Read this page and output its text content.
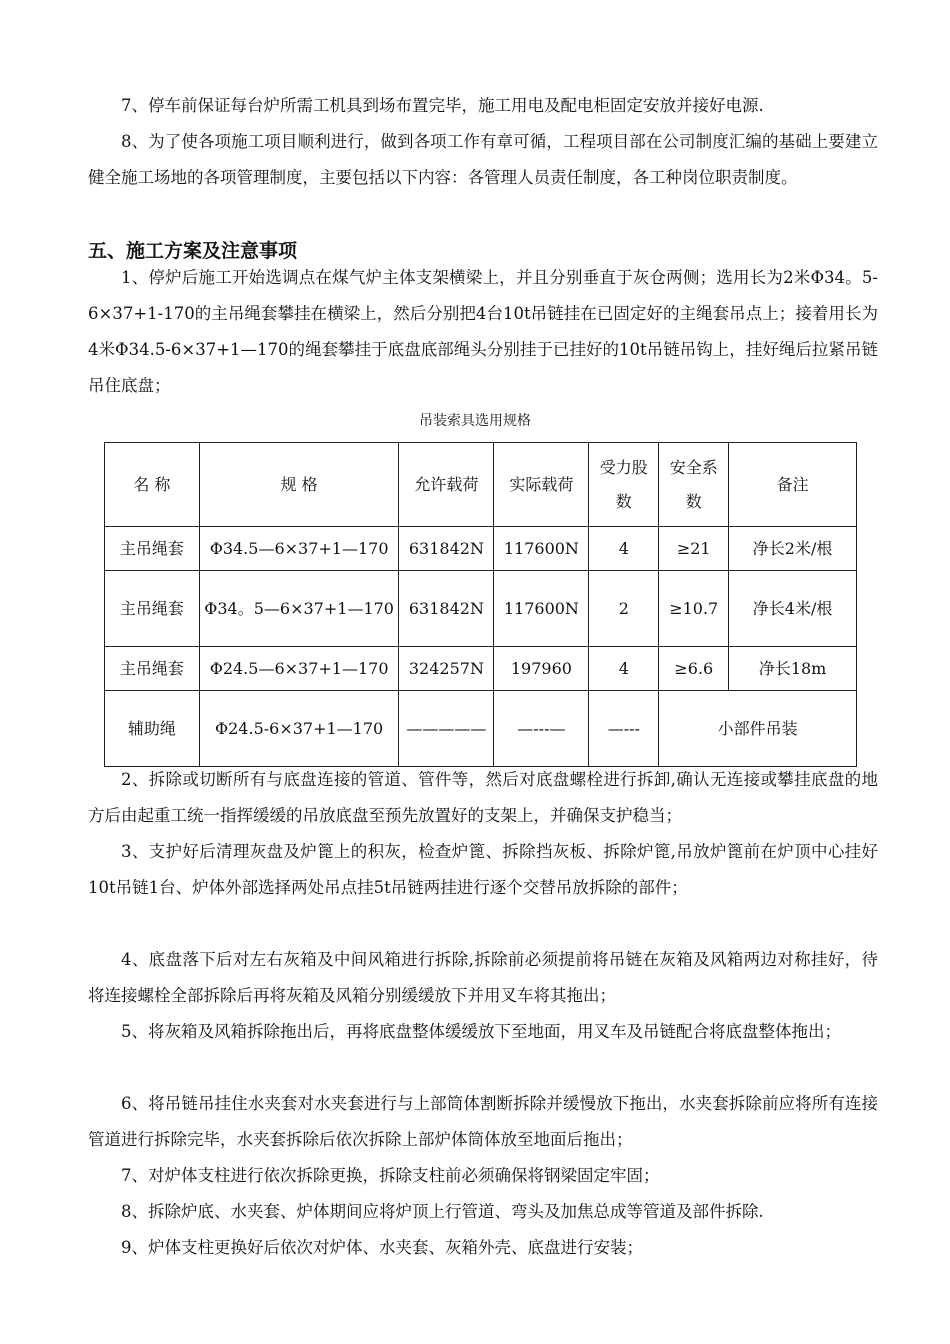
7、停车前保证每台炉所需工机具到场布置完毕，施工用电及配电柜固定安放并接好电源.

8、为了使各项施工项目顺利进行，做到各项工作有章可循，工程项目部在公司制度汇编的基础上要建立健全施工场地的各项管理制度，主要包括以下内容：各管理人员责任制度，各工种岗位职责制度。

五、施工方案及注意事项

1、停炉后施工开始选调点在煤气炉主体支架横梁上，并且分别垂直于灰仓两侧；选用长为2米Φ34。5-6×37+1-170的主吊绳套攀挂在横梁上，然后分别把4台10t吊链挂在已固定好的主绳套吊点上；接着用长为4米Φ34.5-6×37+1—170的绳套攀挂于底盘底部绳头分别挂于已挂好的10t吊链吊钩上，挂好绳后拉紧吊链吊住底盘；

吊装索具选用规格
名 称	规 格	允许载荷	实际载荷	受力股数	安全系数	备注
主吊绳套	Φ34.5—6×37+1—170	631842N	117600N	4	≥21	净长2米/根
主吊绳套	Φ34。5—6×37+1—170	631842N	117600N	2	≥10.7	净长4米/根
主吊绳套	Φ24.5—6×37+1—170	324257N	197960	4	≥6.6	净长18m
辅助绳	Φ24.5-6×37+1—170	—————	—---—	—---	小部件吊装	

2、拆除或切断所有与底盘连接的管道、管件等，然后对底盘螺栓进行拆卸,确认无连接或攀挂底盘的地方后由起重工统一指挥缓缓的吊放底盘至预先放置好的支架上，并确保支护稳当；

3、支护好后清理灰盘及炉篦上的积灰，检查炉篦、拆除挡灰板、拆除炉篦,吊放炉篦前在炉顶中心挂好10t吊链1台、炉体外部选择两处吊点挂5t吊链两挂进行逐个交替吊放拆除的部件；

4、底盘落下后对左右灰箱及中间风箱进行拆除,拆除前必须提前将吊链在灰箱及风箱两边对称挂好，待将连接螺栓全部拆除后再将灰箱及风箱分别缓缓放下并用叉车将其拖出；

5、将灰箱及风箱拆除拖出后，再将底盘整体缓缓放下至地面，用叉车及吊链配合将底盘整体拖出；

6、将吊链吊挂住水夹套对水夹套进行与上部筒体割断拆除并缓慢放下拖出，水夹套拆除前应将所有连接管道进行拆除完毕，水夹套拆除后依次拆除上部炉体筒体放至地面后拖出；

7、对炉体支柱进行依次拆除更换，拆除支柱前必须确保将钢梁固定牢固；

8、拆除炉底、水夹套、炉体期间应将炉顶上行管道、弯头及加焦总成等管道及部件拆除.

9、炉体支柱更换好后依次对炉体、水夹套、灰箱外壳、底盘进行安装；
